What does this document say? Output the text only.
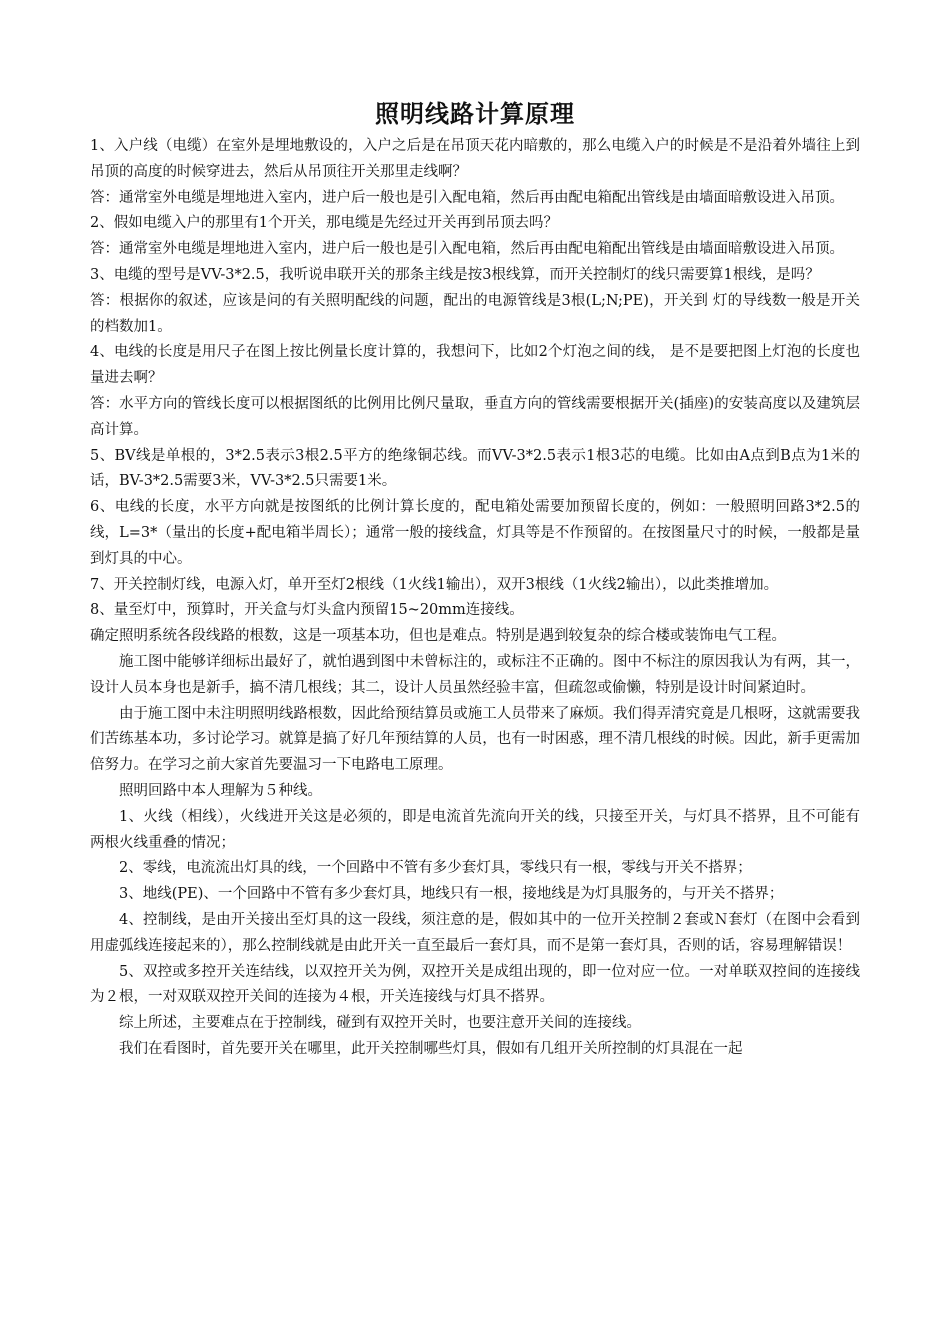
照明线路计算原理

1、入户线（电缆）在室外是埋地敷设的，入户之后是在吊顶天花内暗敷的，那么电缆入户的时候是不是沿着外墙往上到吊顶的高度的时候穿进去，然后从吊顶往开关那里走线啊？

答：通常室外电缆是埋地进入室内，进户后一般也是引入配电箱，然后再由配电箱配出管线是由墙面暗敷设进入吊顶。

2、假如电缆入户的那里有1个开关，那电缆是先经过开关再到吊顶去吗？

答：通常室外电缆是埋地进入室内，进户后一般也是引入配电箱，然后再由配电箱配出管线是由墙面暗敷设进入吊顶。

3、电缆的型号是VV-3*2.5，我听说串联开关的那条主线是按3根线算，而开关控制灯的线只需要算1根线，是吗？

答：根据你的叙述，应该是问的有关照明配线的问题，配出的电源管线是3根(L;N;PE)，开关到 灯的导线数一般是开关的档数加1。

4、电线的长度是用尺子在图上按比例量长度计算的，我想问下，比如2个灯泡之间的线， 是不是要把图上灯泡的长度也量进去啊？

答：水平方向的管线长度可以根据图纸的比例用比例尺量取，垂直方向的管线需要根据开关(插座)的安装高度以及建筑层高计算。

5、BV线是单根的，3*2.5表示3根2.5平方的绝缘铜芯线。而VV-3*2.5表示1根3芯的电缆。比如由A点到B点为1米的话，BV-3*2.5需要3米，VV-3*2.5只需要1米。

6、电线的长度，水平方向就是按图纸的比例计算长度的，配电箱处需要加预留长度的，例如：一般照明回路3*2.5的线，L=3*（量出的长度+配电箱半周长）；通常一般的接线盒，灯具等是不作预留的。在按图量尺寸的时候，一般都是量到灯具的中心。

7、开关控制灯线，电源入灯，单开至灯2根线（1火线1输出），双开3根线（1火线2输出），以此类推增加。

8、量至灯中，预算时，开关盒与灯头盒内预留15~20mm连接线。

确定照明系统各段线路的根数，这是一项基本功，但也是难点。特别是遇到较复杂的综合楼或装饰电气工程。

施工图中能够详细标出最好了，就怕遇到图中未曾标注的，或标注不正确的。图中不标注的原因我认为有两，其一，设计人员本身也是新手，搞不清几根线；其二，设计人员虽然经验丰富，但疏忽或偷懒，特别是设计时间紧迫时。

由于施工图中未注明照明线路根数，因此给预结算员或施工人员带来了麻烦。我们得弄清究竟是几根呀，这就需要我们苦练基本功，多讨论学习。就算是搞了好几年预结算的人员，也有一时困惑，理不清几根线的时候。因此，新手更需加倍努力。在学习之前大家首先要温习一下电路电工原理。

照明回路中本人理解为５种线。

1、火线（相线），火线进开关这是必须的，即是电流首先流向开关的线，只接至开关，与灯具不搭界，且不可能有两根火线重叠的情况；

2、零线，电流流出灯具的线，一个回路中不管有多少套灯具，零线只有一根，零线与开关不搭界；

3、地线(PE)、一个回路中不管有多少套灯具，地线只有一根，接地线是为灯具服务的，与开关不搭界；

4、控制线，是由开关接出至灯具的这一段线，须注意的是，假如其中的一位开关控制２套或Ｎ套灯（在图中会看到用虚弧线连接起来的），那么控制线就是由此开关一直至最后一套灯具，而不是第一套灯具，否则的话，容易理解错误！

5、双控或多控开关连结线，以双控开关为例，双控开关是成组出现的，即一位对应一位。一对单联双控间的连接线为２根，一对双联双控开关间的连接为４根，开关连接线与灯具不搭界。

综上所述，主要难点在于控制线，碰到有双控开关时，也要注意开关间的连接线。

我们在看图时，首先要开关在哪里，此开关控制哪些灯具，假如有几组开关所控制的灯具混在一起
